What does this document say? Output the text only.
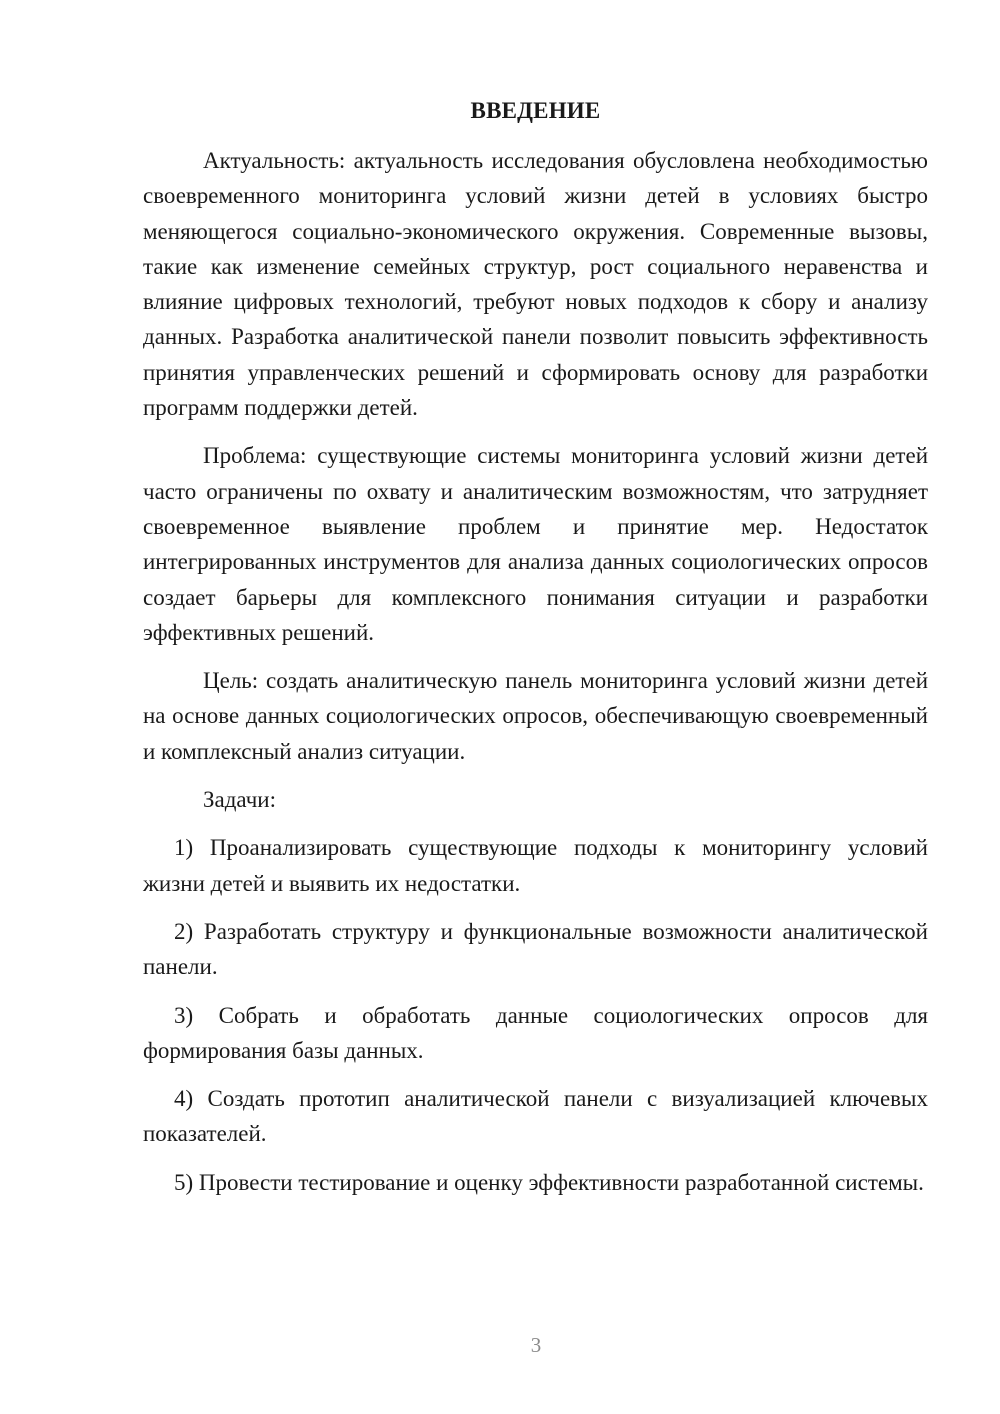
ВВЕДЕНИЕ

Актуальность: актуальность исследования обусловлена необходимостью своевременного мониторинга условий жизни детей в условиях быстро меняющегося социально-экономического окружения. Современные вызовы, такие как изменение семейных структур, рост социального неравенства и влияние цифровых технологий, требуют новых подходов к сбору и анализу данных. Разработка аналитической панели позволит повысить эффективность принятия управленческих решений и сформировать основу для разработки программ поддержки детей.

Проблема: существующие системы мониторинга условий жизни детей часто ограничены по охвату и аналитическим возможностям, что затрудняет своевременное выявление проблем и принятие мер. Недостаток интегрированных инструментов для анализа данных социологических опросов создает барьеры для комплексного понимания ситуации и разработки эффективных решений.

Цель: создать аналитическую панель мониторинга условий жизни детей на основе данных социологических опросов, обеспечивающую своевременный и комплексный анализ ситуации.

Задачи:

1) Проанализировать существующие подходы к мониторингу условий жизни детей и выявить их недостатки.

2) Разработать структуру и функциональные возможности аналитической панели.

3) Собрать и обработать данные социологических опросов для формирования базы данных.

4) Создать прототип аналитической панели с визуализацией ключевых показателей.

5) Провести тестирование и оценку эффективности разработанной системы.

3
